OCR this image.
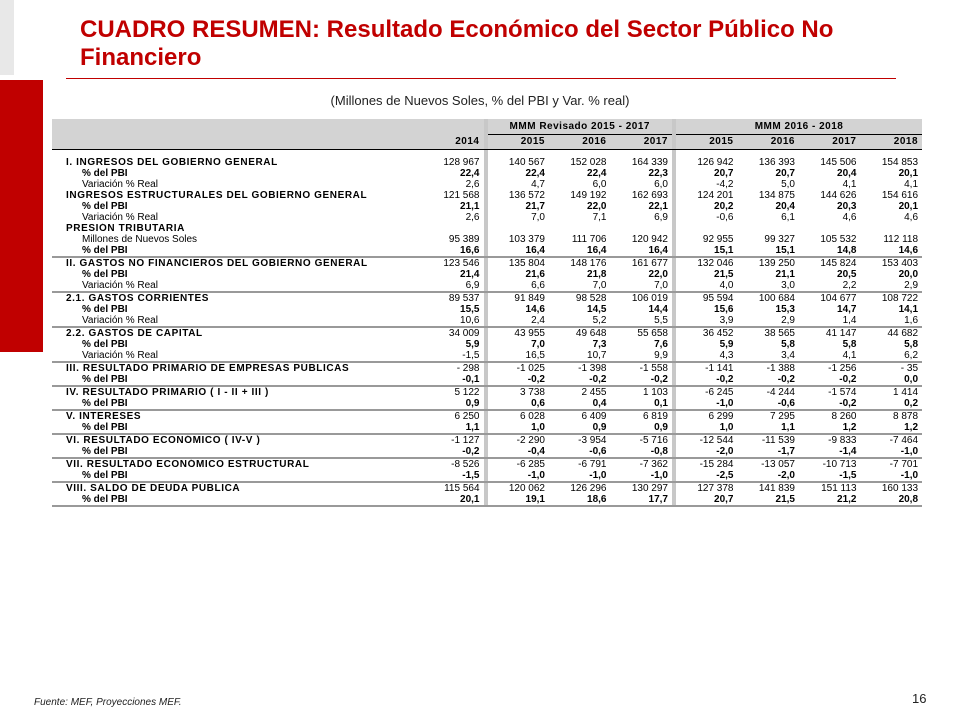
CUADRO RESUMEN: Resultado Económico del Sector Público No Financiero
(Millones de Nuevos Soles, % del PBI y Var. % real)
			MMM Revisado 2015 - 2017				MMM 2016 - 2018			
	2014		2015	2016	2017		2015	2016	2017	2018

I. INGRESOS DEL GOBIERNO GENERAL	128 967		140 567	152 028	164 339		126 942	136 393	145 506	154 853
% del PBI	22,4		22,4	22,4	22,3		20,7	20,7	20,4	20,1
Variación % Real	2,6		4,7	6,0	6,0		-4,2	5,0	4,1	4,1
INGRESOS ESTRUCTURALES DEL GOBIERNO GENERAL	121 568		136 572	149 192	162 693		124 201	134 875	144 626	154 616
% del PBI	21,1		21,7	22,0	22,1		20,2	20,4	20,3	20,1
Variación % Real	2,6		7,0	7,1	6,9		-0,6	6,1	4,6	4,6
PRESIÓN TRIBUTARIA										
Millones de Nuevos Soles	95 389		103 379	111 706	120 942		92 955	99 327	105 532	112 118
% del PBI	16,6		16,4	16,4	16,4		15,1	15,1	14,8	14,6
II. GASTOS NO FINANCIEROS DEL GOBIERNO GENERAL	123 546		135 804	148 176	161 677		132 046	139 250	145 824	153 403
% del PBI	21,4		21,6	21,8	22,0		21,5	21,1	20,5	20,0
Variación % Real	6,9		6,6	7,0	7,0		4,0	3,0	2,2	2,9
2.1. GASTOS CORRIENTES	89 537		91 849	98 528	106 019		95 594	100 684	104 677	108 722
% del PBI	15,5		14,6	14,5	14,4		15,6	15,3	14,7	14,1
Variación % Real	10,6		2,4	5,2	5,5		3,9	2,9	1,4	1,6
2.2. GASTOS DE CAPITAL	34 009		43 955	49 648	55 658		36 452	38 565	41 147	44 682
% del PBI	5,9		7,0	7,3	7,6		5,9	5,8	5,8	5,8
Variación % Real	-1,5		16,5	10,7	9,9		4,3	3,4	4,1	6,2
III. RESULTADO PRIMARIO DE EMPRESAS PÚBLICAS	- 298		-1 025	-1 398	-1 558		-1 141	-1 388	-1 256	- 35
% del PBI	-0,1		-0,2	-0,2	-0,2		-0,2	-0,2	-0,2	0,0
IV. RESULTADO PRIMARIO ( I - II + III )	5 122		3 738	2 455	1 103		-6 245	-4 244	-1 574	1 414
% del PBI	0,9		0,6	0,4	0,1		-1,0	-0,6	-0,2	0,2
V. INTERESES	6 250		6 028	6 409	6 819		6 299	7 295	8 260	8 878
% del PBI	1,1		1,0	0,9	0,9		1,0	1,1	1,2	1,2
VI. RESULTADO ECONÓMICO ( IV-V )	-1 127		-2 290	-3 954	-5 716		-12 544	-11 539	-9 833	-7 464
% del PBI	-0,2		-0,4	-0,6	-0,8		-2,0	-1,7	-1,4	-1,0
VII. RESULTADO ECONÓMICO ESTRUCTURAL	-8 526		-6 285	-6 791	-7 362		-15 284	-13 057	-10 713	-7 701
% del PBI	-1,5		-1,0	-1,0	-1,0		-2,5	-2,0	-1,5	-1,0
VIII. SALDO DE DEUDA PÚBLICA	115 564		120 062	126 296	130 297		127 378	141 839	151 113	160 133
% del PBI	20,1		19,1	18,6	17,7		20,7	21,5	21,2	20,8
Fuente: MEF, Proyecciones MEF.	16
